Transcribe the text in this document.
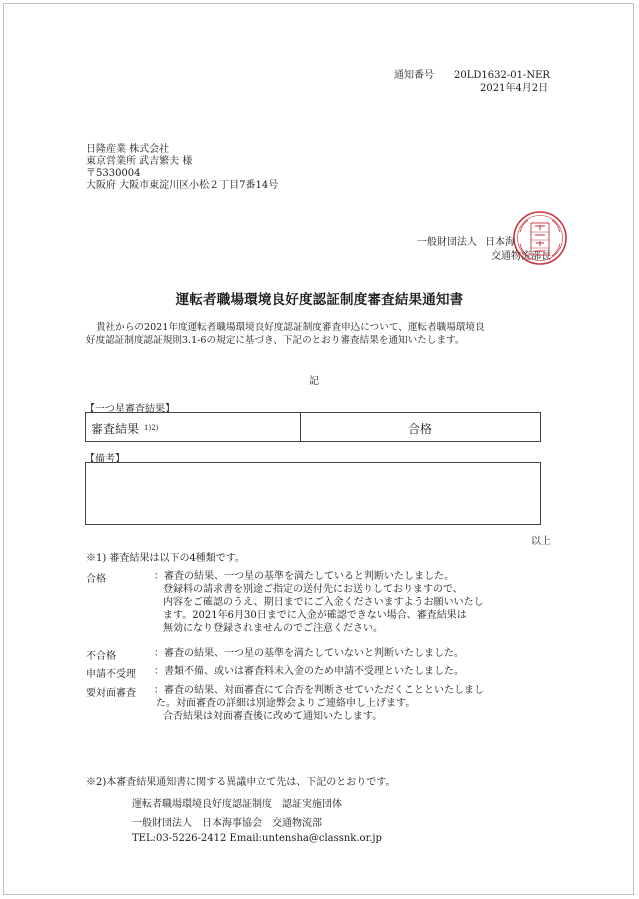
通知番号 20LD1632-01-NER
2021年4月2日
日隆産業 株式会社
東京営業所 武吉繁夫 様
〒5330004
大阪府 大阪市東淀川区小松２丁目7番14号
一般財団法人 日本海
交通物流部長
運転者職場環境良好度認証制度審査結果通知書
貴社からの2021年度運転者職場環境良好度認証制度審査申込について、運転者職場環境良
好度認証制度認証規則3.1-6の規定に基づき、下記のとおり審査結果を通知いたします。
記
【一つ星審査結果】
審査結果 $^{1)2)}$	合格
【備考】
以上
※1) 審査結果は以下の4種類です。
合格	：審査の結果、一つ星の基準を満たしていると判断いたしました。
登録料の請求書を別途ご指定の送付先にお送りしておりますので、
内容をご確認のうえ、期日までにご入金くださいますようお願いいたし
ます。2021年6月30日までに入金が確認できない場合、審査結果は
無効になり登録されませんのでご注意ください。
不合格	：審査の結果、一つ星の基準を満たしていないと判断いたしました。
申請不受理 ：書類不備、或いは審査料未入金のため申請不受理といたしました。
要対面審査 ：審査の結果、対面審査にて合否を判断させていただくことといたしまし
た。対面審査の詳細は別途弊会よりご連絡申し上げます。
合否結果は対面審査後に改めて通知いたします。
※2)本審査結果通知書に関する異議申立て先は、下記のとおりです。
運転者職場環境良好度認証制度　認証実施団体
一般財団法人　日本海事協会　交通物流部
TEL:03-5226-2412 Email:untensha@classnk.or.jp
